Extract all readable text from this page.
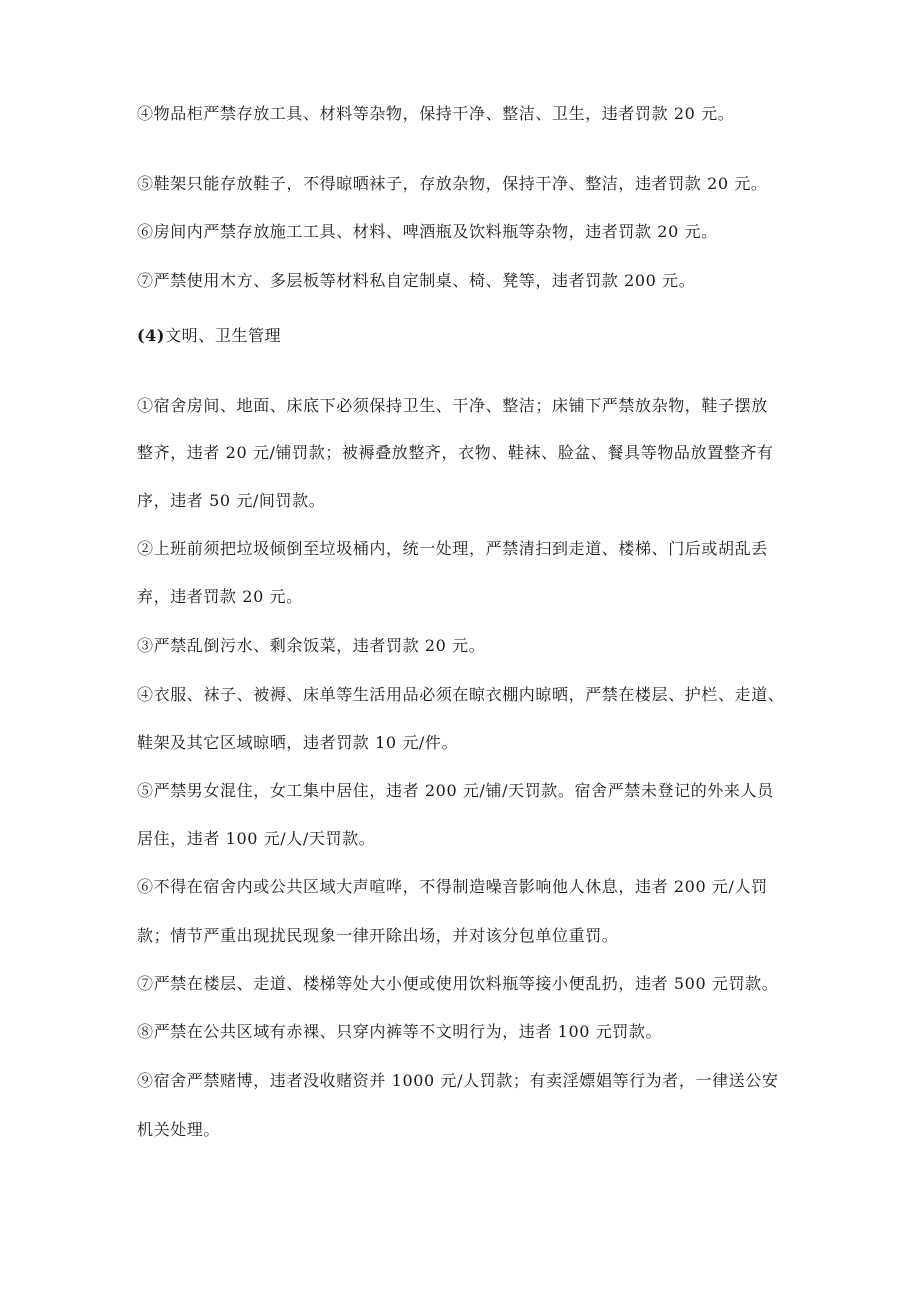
④物品柜严禁存放工具、材料等杂物，保持干净、整洁、卫生，违者罚款 20 元。
⑤鞋架只能存放鞋子，不得晾晒袜子，存放杂物，保持干净、整洁，违者罚款 20 元。
⑥房间内严禁存放施工工具、材料、啤酒瓶及饮料瓶等杂物，违者罚款 20 元。
⑦严禁使用木方、多层板等材料私自定制桌、椅、凳等，违者罚款 200 元。
(4)文明、卫生管理
①宿舍房间、地面、床底下必须保持卫生、干净、整洁；床铺下严禁放杂物，鞋子摆放
整齐，违者 20 元/铺罚款；被褥叠放整齐，衣物、鞋袜、脸盆、餐具等物品放置整齐有
序，违者 50 元/间罚款。
②上班前须把垃圾倾倒至垃圾桶内，统一处理，严禁清扫到走道、楼梯、门后或胡乱丢
弃，违者罚款 20 元。
③严禁乱倒污水、剩余饭菜，违者罚款 20 元。
④衣服、袜子、被褥、床单等生活用品必须在晾衣棚内晾晒，严禁在楼层、护栏、走道、
鞋架及其它区域晾晒，违者罚款 10 元/件。
⑤严禁男女混住，女工集中居住，违者 200 元/铺/天罚款。宿舍严禁未登记的外来人员
居住，违者 100 元/人/天罚款。
⑥不得在宿舍内或公共区域大声喧哗，不得制造噪音影响他人休息，违者 200 元/人罚
款；情节严重出现扰民现象一律开除出场，并对该分包单位重罚。
⑦严禁在楼层、走道、楼梯等处大小便或使用饮料瓶等接小便乱扔，违者 500 元罚款。
⑧严禁在公共区域有赤裸、只穿内裤等不文明行为，违者 100 元罚款。
⑨宿舍严禁赌博，违者没收赌资并 1000 元/人罚款；有卖淫嫖娼等行为者，一律送公安
机关处理。
